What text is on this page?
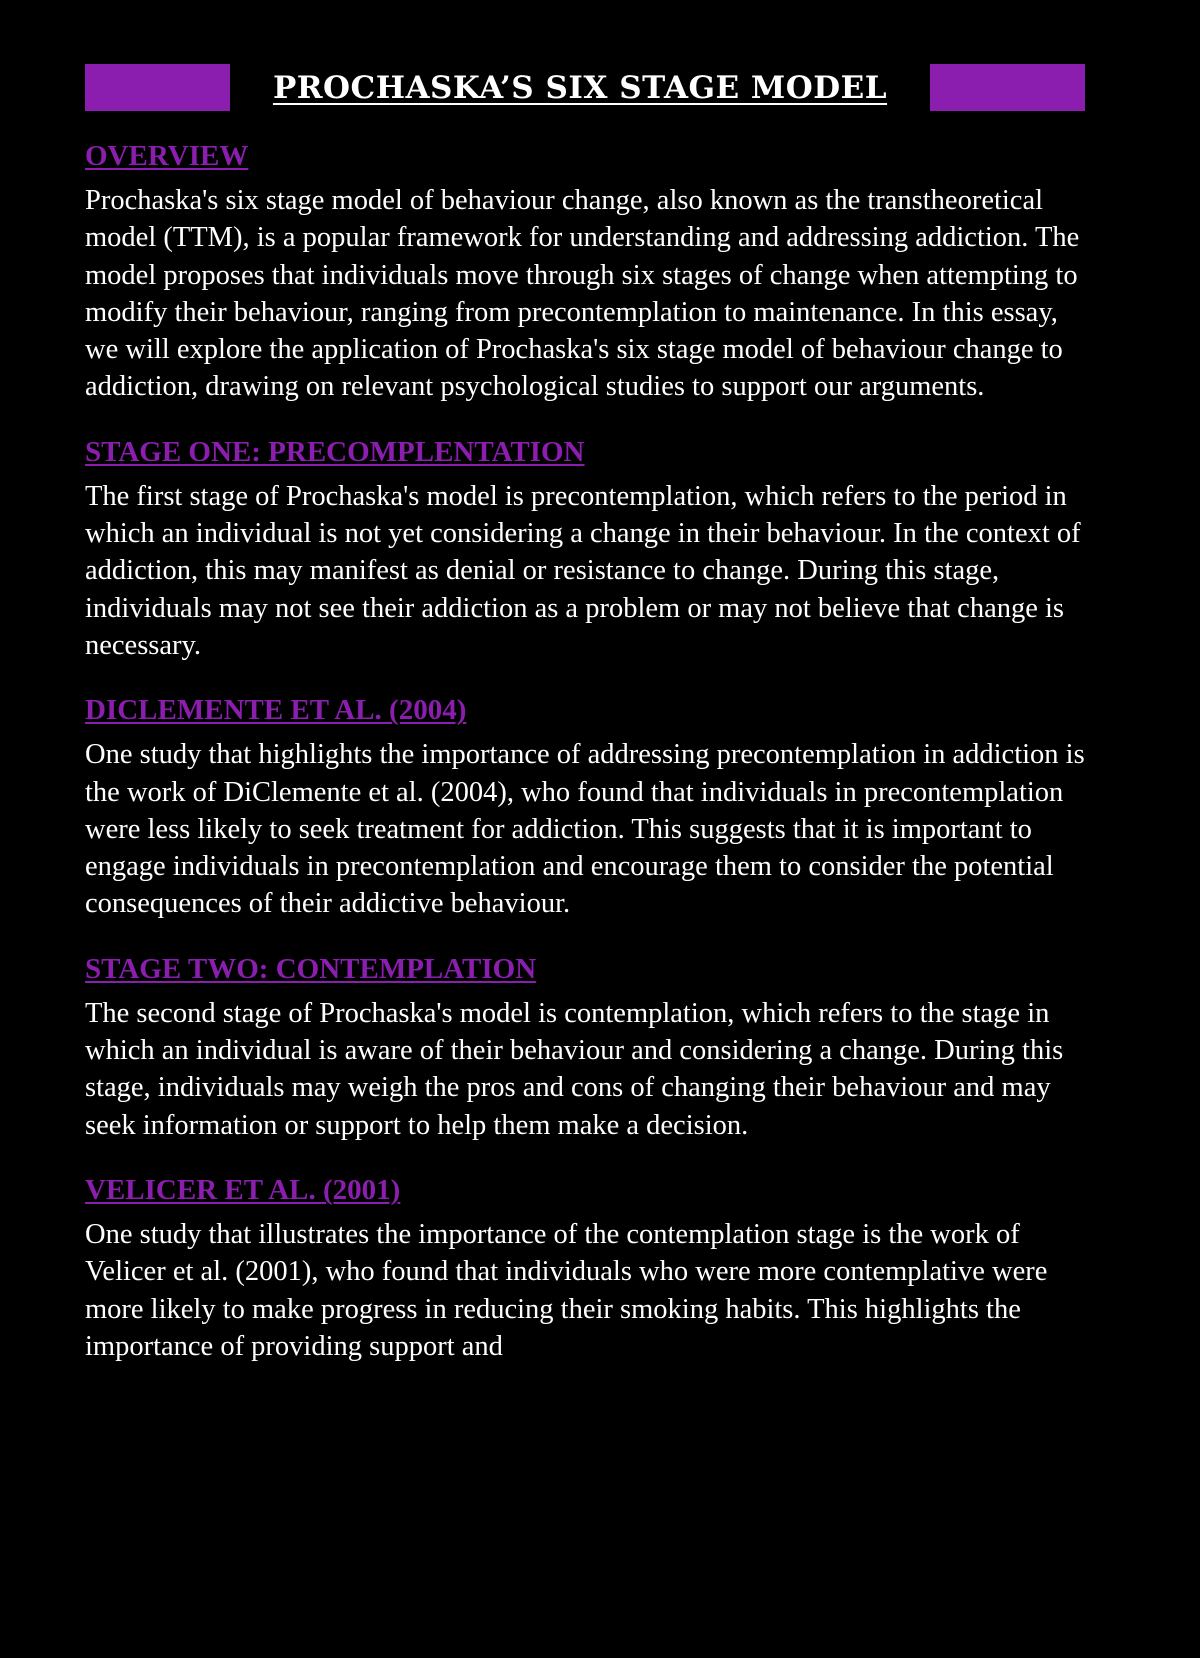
PROCHASKA’S SIX STAGE MODEL
OVERVIEW
Prochaska's six stage model of behaviour change, also known as the transtheoretical model (TTM), is a popular framework for understanding and addressing addiction. The model proposes that individuals move through six stages of change when attempting to modify their behaviour, ranging from precontemplation to maintenance. In this essay, we will explore the application of Prochaska's six stage model of behaviour change to addiction, drawing on relevant psychological studies to support our arguments.
STAGE ONE: PRECOMPLENTATION
The first stage of Prochaska's model is precontemplation, which refers to the period in which an individual is not yet considering a change in their behaviour. In the context of addiction, this may manifest as denial or resistance to change. During this stage, individuals may not see their addiction as a problem or may not believe that change is necessary.
DICLEMENTE ET AL. (2004)
One study that highlights the importance of addressing precontemplation in addiction is the work of DiClemente et al. (2004), who found that individuals in precontemplation were less likely to seek treatment for addiction. This suggests that it is important to engage individuals in precontemplation and encourage them to consider the potential consequences of their addictive behaviour.
STAGE TWO: CONTEMPLATION
The second stage of Prochaska's model is contemplation, which refers to the stage in which an individual is aware of their behaviour and considering a change. During this stage, individuals may weigh the pros and cons of changing their behaviour and may seek information or support to help them make a decision.
VELICER ET AL. (2001)
One study that illustrates the importance of the contemplation stage is the work of Velicer et al. (2001), who found that individuals who were more contemplative were more likely to make progress in reducing their smoking habits. This highlights the importance of providing support and
